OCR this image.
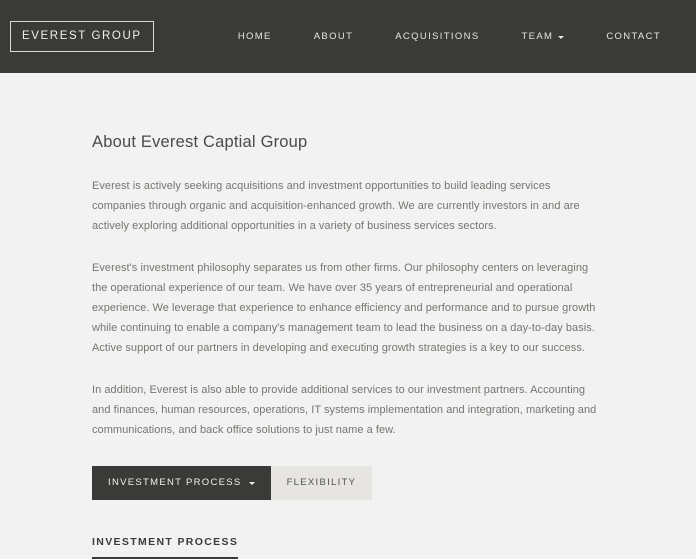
EVEREST GROUP	HOME	ABOUT	ACQUISITIONS	TEAM	CONTACT
About Everest Captial Group

Everest is actively seeking acquisitions and investment opportunities to build leading services companies through organic and acquisition-enhanced growth. We are currently investors in and are actively exploring additional opportunities in a variety of business services sectors.

Everest's investment philosophy separates us from other firms. Our philosophy centers on leveraging the operational experience of our team. We have over 35 years of entrepreneurial and operational experience. We leverage that experience to enhance efficiency and performance and to pursue growth while continuing to enable a company's management team to lead the business on a day-to-day basis. Active support of our partners in developing and executing growth strategies is a key to our success.

In addition, Everest is also able to provide additional services to our investment partners. Accounting and finances, human resources, operations, IT systems implementation and integration, marketing and communications, and back office solutions to just name a few.

INVESTMENT PROCESS	FLEXIBILITY
INVESTMENT PROCESS
